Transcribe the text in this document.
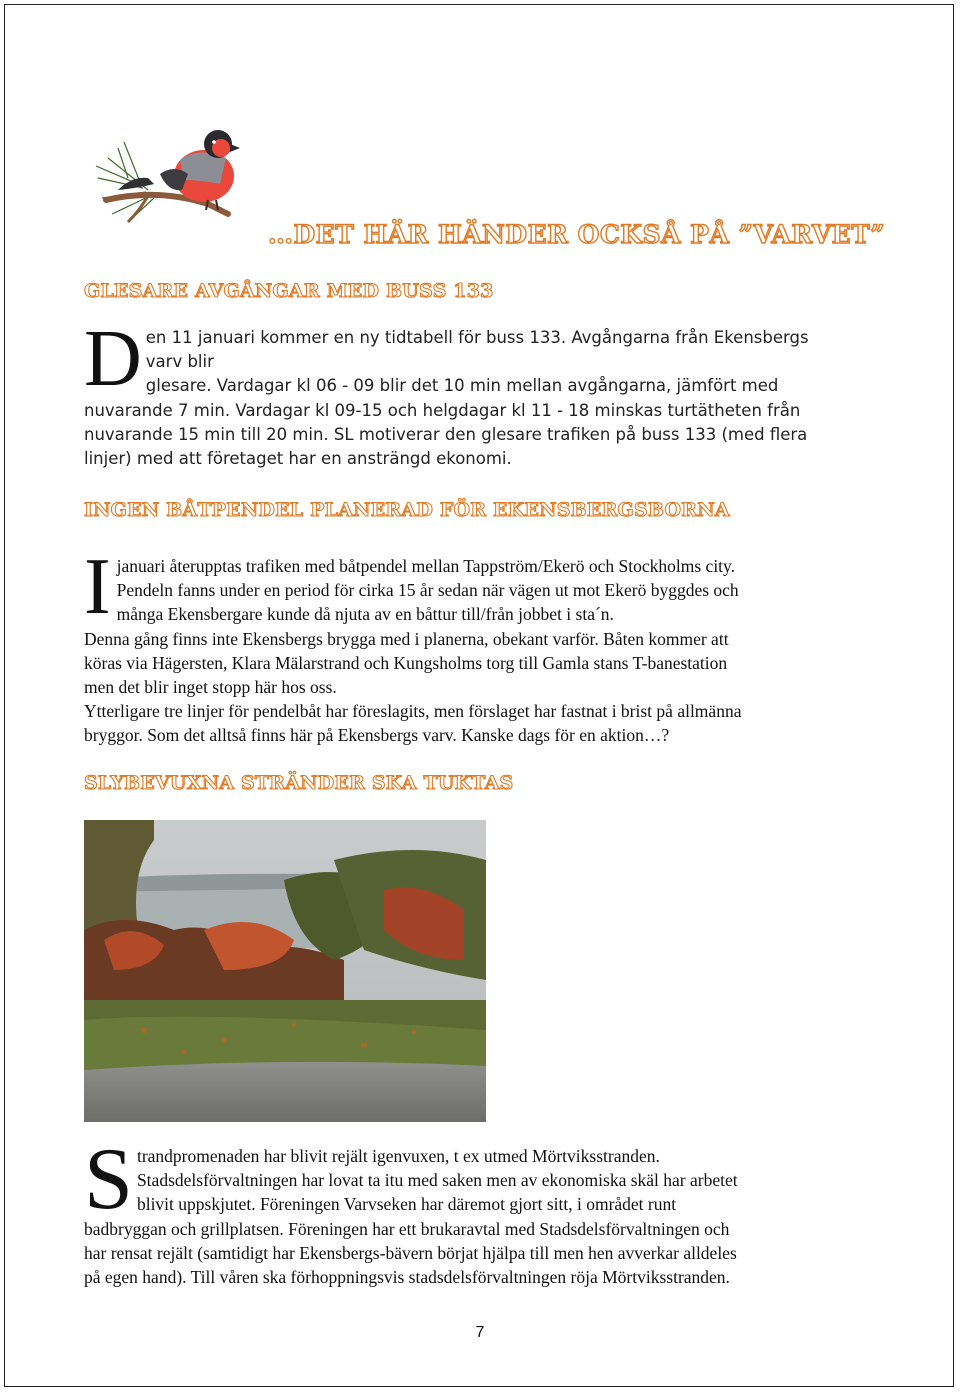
…DET HÄR HÄNDER OCKSÅ PÅ ”VARVET”
GLESARE AVGÅNGAR MED BUSS 133
D en 11 januari kommer en ny tidtabell för buss 133. Avgångarna från Ekensbergs
varv blir
glesare. Vardagar kl 06 - 09 blir det 10 min mellan avgångarna, jämfört med
nuvarande 7 min. Vardagar kl 09-15 och helgdagar kl 11 - 18 minskas turtätheten från
nuvarande 15 min till 20 min. SL motiverar den glesare trafiken på buss 133 (med flera
linjer) med att företaget har en ansträngd ekonomi.
INGEN BÅTPENDEL PLANERAD FÖR EKENSBERGSBORNA
I januari återupptas trafiken med båtpendel mellan Tappström/Ekerö och Stockholms city.
Pendeln fanns under en period för cirka 15 år sedan när vägen ut mot Ekerö byggdes och
många Ekensbergare kunde då njuta av en båttur till/från jobbet i sta´n.
Denna gång finns inte Ekensbergs brygga med i planerna, obekant varför. Båten kommer att
köras via Hägersten, Klara Mälarstrand och Kungsholms torg till Gamla stans T-banestation
men det blir inget stopp här hos oss.
Ytterligare tre linjer för pendelbåt har föreslagits, men förslaget har fastnat i brist på allmänna
bryggor. Som det alltså finns här på Ekensbergs varv. Kanske dags för en aktion…?
SLYBEVUXNA STRÄNDER SKA TUKTAS
S trandpromenaden har blivit rejält igenvuxen, t ex utmed Mörtviksstranden.
Stadsdelsförvaltningen har lovat ta itu med saken men av ekonomiska skäl har arbetet
blivit uppskjutet. Föreningen Varvseken har däremot gjort sitt, i området runt
badbryggan och grillplatsen. Föreningen har ett brukaravtal med Stadsdelsförvaltningen och
har rensat rejält (samtidigt har Ekensbergs-bävern börjat hjälpa till men hen avverkar alldeles
på egen hand). Till våren ska förhoppningsvis stadsdelsförvaltningen röja Mörtviksstranden.
7
